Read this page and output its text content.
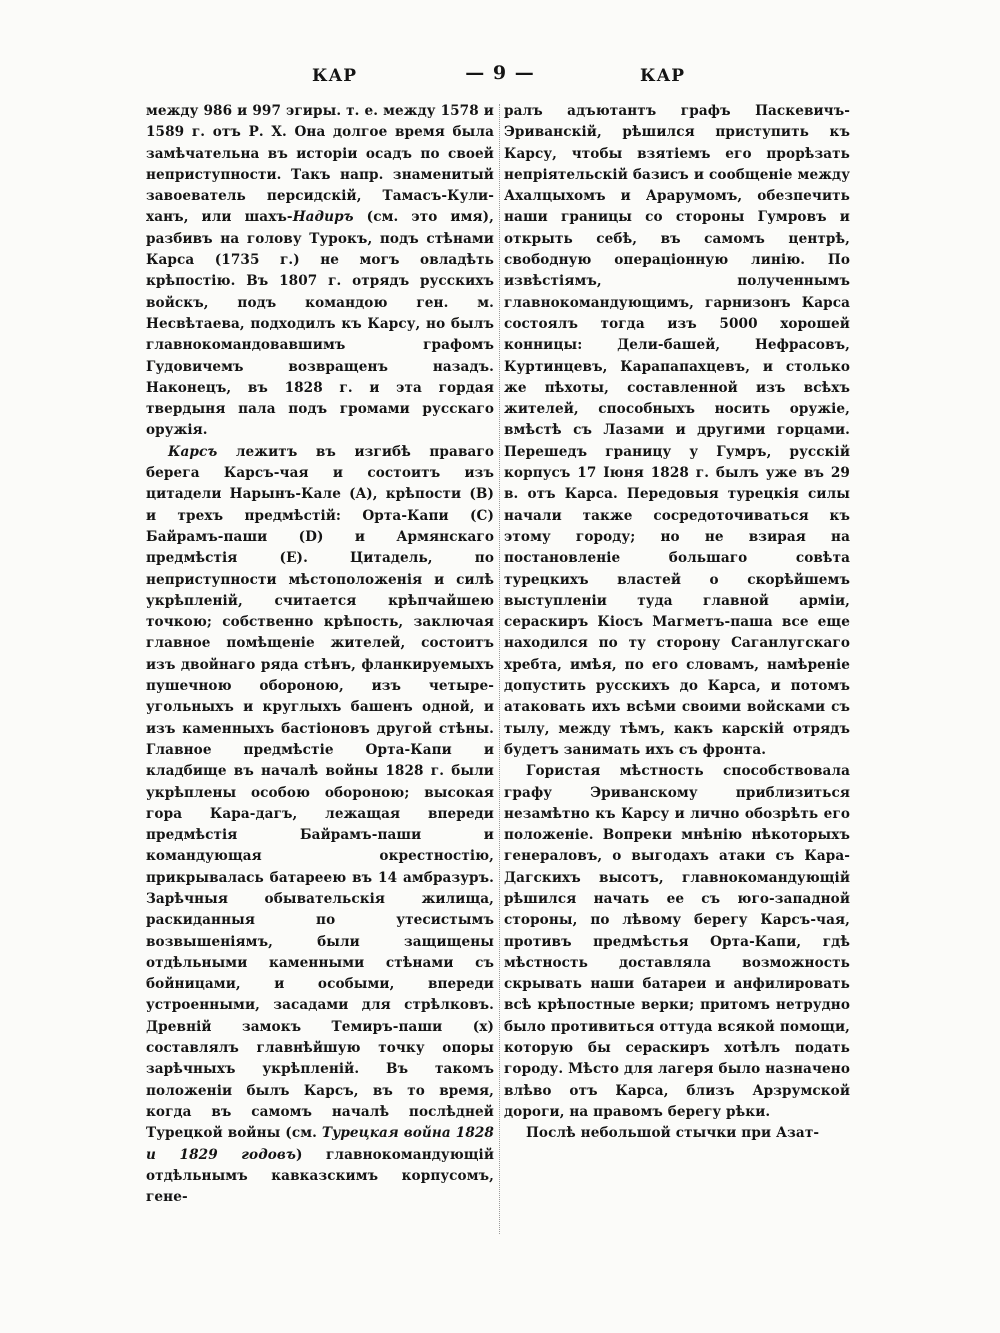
КАР	— 9 —	КАР

между 986 и 997 эгиры. т. е. между 1578 и 1589 г. отъ Р. Х. Она долгое время была замѣчательна въ исторіи осадъ по своей неприступности. Такъ напр. знаменитый завоеватель персидскій, Тамасъ-Кули-ханъ, или шахъ-Надиръ (см. это имя), разбивъ на голову Турокъ, подъ стѣнами Карса (1735 г.) не могъ овладѣть крѣпостію. Въ 1807 г. отрядъ русскихъ войскъ, подъ командою ген. м. Несвѣтаева, подходилъ къ Карсу, но былъ главнокомандовавшимъ графомъ Гудовичемъ возвращенъ назадъ. Наконецъ, въ 1828 г. и эта гордая твердыня пала подъ громами русскаго оружія.

Карсъ лежитъ въ изгибѣ праваго берега Карсъ-чая и состоитъ изъ цитадели Нарынъ-Кале (A), крѣпости (B) и трехъ предмѣстій: Орта-Капи (C) Байрамъ-паши (D) и Армянскаго предмѣстія (E). Цитадель, по неприступности мѣстоположенія и силѣ укрѣпленій, считается крѣпчайшею точкою; собственно крѣпость, заключая главное помѣщеніе жителей, состоитъ изъ двойнаго ряда стѣнъ, фланкируемыхъ пушечною обороною, изъ четыре-угольныхъ и круглыхъ башенъ одной, и изъ каменныхъ бастіоновъ другой стѣны. Главное предмѣстіе Орта-Капи и кладбище въ началѣ войны 1828 г. были укрѣплены особою обороною; высокая гора Кара-дагъ, лежащая впереди предмѣстія Байрамъ-паши и командующая окрестностію, прикрывалась батареею въ 14 амбразуръ. Зарѣчныя обывательскія жилища, раскиданныя по утесистымъ возвышеніямъ, были защищены отдѣльными каменными стѣнами съ бойницами, и особыми, впереди устроенными, засадами для стрѣлковъ. Древній замокъ Темиръ-паши (x) составлялъ главнѣйшую точку опоры зарѣчныхъ укрѣпленій. Въ такомъ положеніи былъ Карсъ, въ то время, когда въ самомъ началѣ послѣдней Турецкой войны (см. Турецкая война 1828 и 1829 годовъ) главнокомандующій отдѣльнымъ кавказскимъ корпусомъ, гене-

ралъ адъютантъ графъ Паскевичъ-Эриванскій, рѣшился приступить къ Карсу, чтобы взятіемъ его прорѣзать непріятельскій базисъ и сообщеніе между Ахалцыхомъ и Арарумомъ, обезпечить наши границы со стороны Гумровъ и открыть себѣ, въ самомъ центрѣ, свободную операціонную линію. По извѣстіямъ, полученнымъ главнокомандующимъ, гарнизонъ Карса состоялъ тогда изъ 5000 хорошей конницы: Дели-башей, Нефрасовъ, Куртинцевъ, Карапапахцевъ, и столько же пѣхоты, составленной изъ всѣхъ жителей, способныхъ носить оружіе, вмѣстѣ съ Лазами и другими горцами. Перешедъ границу у Гумръ, русскій корпусъ 17 Іюня 1828 г. былъ уже въ 29 в. отъ Карса. Передовыя турецкія силы начали также сосредоточиваться къ этому городу; но не взирая на постановленіе большаго совѣта турецкихъ властей о скорѣйшемъ выступленіи туда главной арміи, сераскиръ Кіосъ Магметъ-паша все еще находился по ту сторону Саганлугскаго хребта, имѣя, по его словамъ, намѣреніе допустить русскихъ до Карса, и потомъ атаковать ихъ всѣми своими войсками съ тылу, между тѣмъ, какъ карскій отрядъ будетъ занимать ихъ съ фронта.

Гористая мѣстность способствовала графу Эриванскому приблизиться незамѣтно къ Карсу и лично обозрѣть его положеніе. Вопреки мнѣнію нѣкоторыхъ генераловъ, о выгодахъ атаки съ Кара-Дагскихъ высотъ, главнокомандующій рѣшился начать ее съ юго-западной стороны, по лѣвому берегу Карсъ-чая, противъ предмѣстья Орта-Капи, гдѣ мѣстность доставляла возможность скрывать наши батареи и анфилировать всѣ крѣпостные верки; притомъ нетрудно было противиться оттуда всякой помощи, которую бы сераскиръ хотѣлъ подать городу. Мѣсто для лагеря было назначено влѣво отъ Карса, близъ Арзрумской дороги, на правомъ берегу рѣки.

Послѣ небольшой стычки при Азат-
